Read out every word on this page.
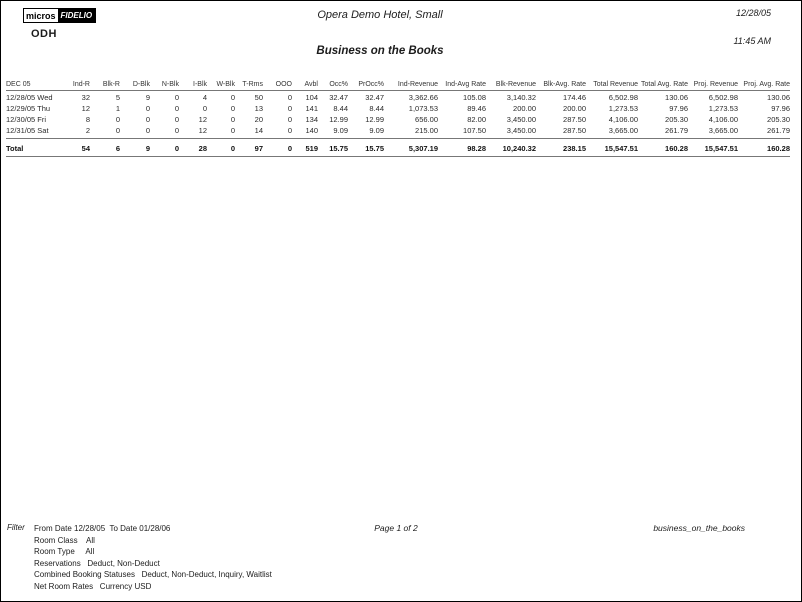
micros FIDELIO
ODH
Opera Demo Hotel, Small	12/28/05
11:45 AM
Business on the Books
DEC 05	Ind-R	Blk-R	D-Blk	N-Blk	I-Blk	W-Blk	T-Rms	OOO	Avbl	Occ%	PrOcc%	Ind-Revenue	Ind-Avg Rate	Blk-Revenue	Blk-Avg. Rate	Total Revenue	Total Avg. Rate	Proj. Revenue	Proj. Avg. Rate
12/28/05 Wed	32	5	9	0	4	0	50	0	104	32.47	32.47	3,362.66	105.08	3,140.32	174.46	6,502.98	130.06	6,502.98	130.06
12/29/05 Thu	12	1	0	0	0	0	13	0	141	8.44	8.44	1,073.53	89.46	200.00	200.00	1,273.53	97.96	1,273.53	97.96
12/30/05 Fri	8	0	0	0	12	0	20	0	134	12.99	12.99	656.00	82.00	3,450.00	287.50	4,106.00	205.30	4,106.00	205.30
12/31/05 Sat	2	0	0	0	12	0	14	0	140	9.09	9.09	215.00	107.50	3,450.00	287.50	3,665.00	261.79	3,665.00	261.79

Total	54	6	9	0	28	0	97	0	519	15.75	15.75	5,307.19	98.28	10,240.32	238.15	15,547.51	160.28	15,547.51	160.28
Filter From Date 12/28/05  To Date 01/28/06
Room Class    All
Room Type     All
Reservations   Deduct, Non-Deduct
Combined Booking Statuses   Deduct, Non-Deduct, Inquiry, Waitlist
Net Room Rates   Currency USD
Page 1 of 2	business_on_the_books
